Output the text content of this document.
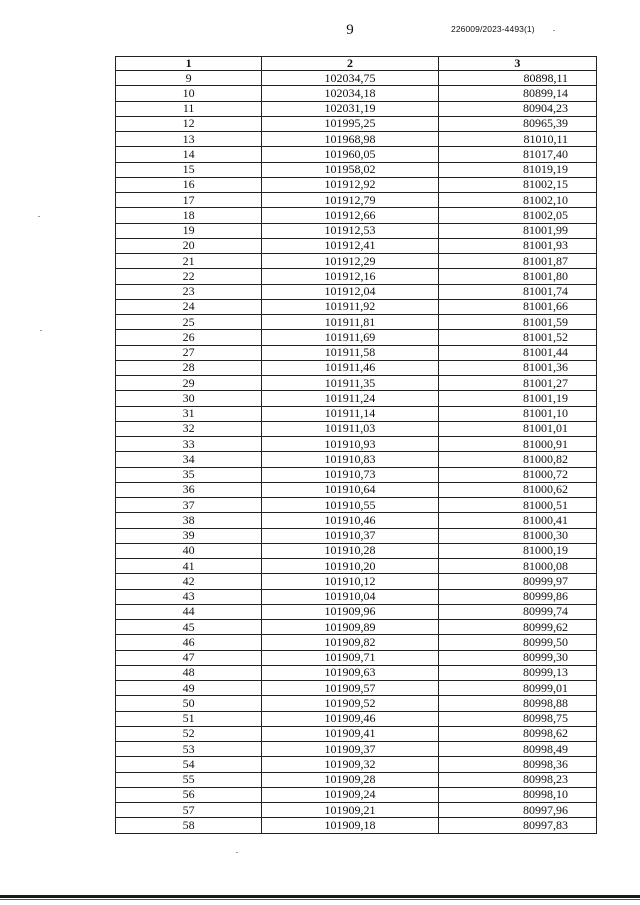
9	226009/2023-4493(1)
1	2	3
9	102034,75	80898,11
10	102034,18	80899,14
11	102031,19	80904,23
12	101995,25	80965,39
13	101968,98	81010,11
14	101960,05	81017,40
15	101958,02	81019,19
16	101912,92	81002,15
17	101912,79	81002,10
18	101912,66	81002,05
19	101912,53	81001,99
20	101912,41	81001,93
21	101912,29	81001,87
22	101912,16	81001,80
23	101912,04	81001,74
24	101911,92	81001,66
25	101911,81	81001,59
26	101911,69	81001,52
27	101911,58	81001,44
28	101911,46	81001,36
29	101911,35	81001,27
30	101911,24	81001,19
31	101911,14	81001,10
32	101911,03	81001,01
33	101910,93	81000,91
34	101910,83	81000,82
35	101910,73	81000,72
36	101910,64	81000,62
37	101910,55	81000,51
38	101910,46	81000,41
39	101910,37	81000,30
40	101910,28	81000,19
41	101910,20	81000,08
42	101910,12	80999,97
43	101910,04	80999,86
44	101909,96	80999,74
45	101909,89	80999,62
46	101909,82	80999,50
47	101909,71	80999,30
48	101909,63	80999,13
49	101909,57	80999,01
50	101909,52	80998,88
51	101909,46	80998,75
52	101909,41	80998,62
53	101909,37	80998,49
54	101909,32	80998,36
55	101909,28	80998,23
56	101909,24	80998,10
57	101909,21	80997,96
58	101909,18	80997,83
